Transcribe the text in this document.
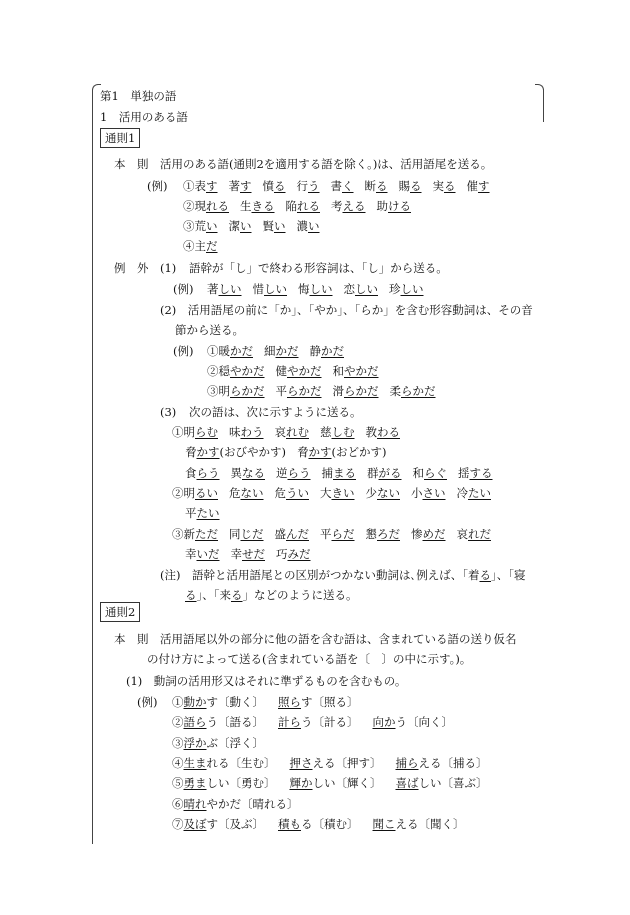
第1　単独の語
1　活用のある語
通則1
本　則 活用のある語(通則2を適用する語を除く。)は、活用語尾を送る。
(例) ①表す 著す 憤る 行う 書く 断る 賜る 実る 催す
②現れる 生きる 陥れる 考える 助ける
③荒い 潔い 賢い 濃い
④主だ
例　外 (1) 語幹が「し」で終わる形容詞は、「し」から送る。
(例) 著しい 惜しい 悔しい 恋しい 珍しい
(2)　活用語尾の前に「か」、「やか」、「らか」を含む形容動詞は、その音
節から送る。
(例) ①暖かだ 細かだ 静かだ
②穏やかだ 健やかだ 和やかだ
③明らかだ 平らかだ 滑らかだ 柔らかだ
(3) 次の語は、次に示すように送る。
①明らむ 味わう 哀れむ 慈しむ 教わる
脅かす(おびやかす) 脅かす(おどかす)
食らう 異なる 逆らう 捕まる 群がる 和らぐ 揺する
②明るい 危ない 危うい 大きい 少ない 小さい 冷たい
平たい
③新ただ 同じだ 盛んだ 平らだ 懇ろだ 惨めだ 哀れだ
幸いだ 幸せだ 巧みだ
(注)　語幹と活用語尾との区別がつかない動詞は､例えば、「着る」、「寝
る」、「来る」などのように送る。
通則2
本　則 活用語尾以外の部分に他の語を含む語は、含まれている語の送り仮名
の付け方によって送る(含まれている語を〔　〕の中に示す。)。
(1)　動詞の活用形又はそれに準ずるものを含むもの。
(例) ①動かす〔動く〕 照らす〔照る〕
②語らう〔語る〕 計らう〔計る〕 向かう〔向く〕
③浮かぶ〔浮く〕
④生まれる〔生む〕 押さえる〔押す〕 捕らえる〔捕る〕
⑤勇ましい〔勇む〕 輝かしい〔輝く〕 喜ばしい〔喜ぶ〕
⑥晴れやかだ〔晴れる〕
⑦及ぼす〔及ぶ〕 積もる〔積む〕 聞こえる〔聞く〕
